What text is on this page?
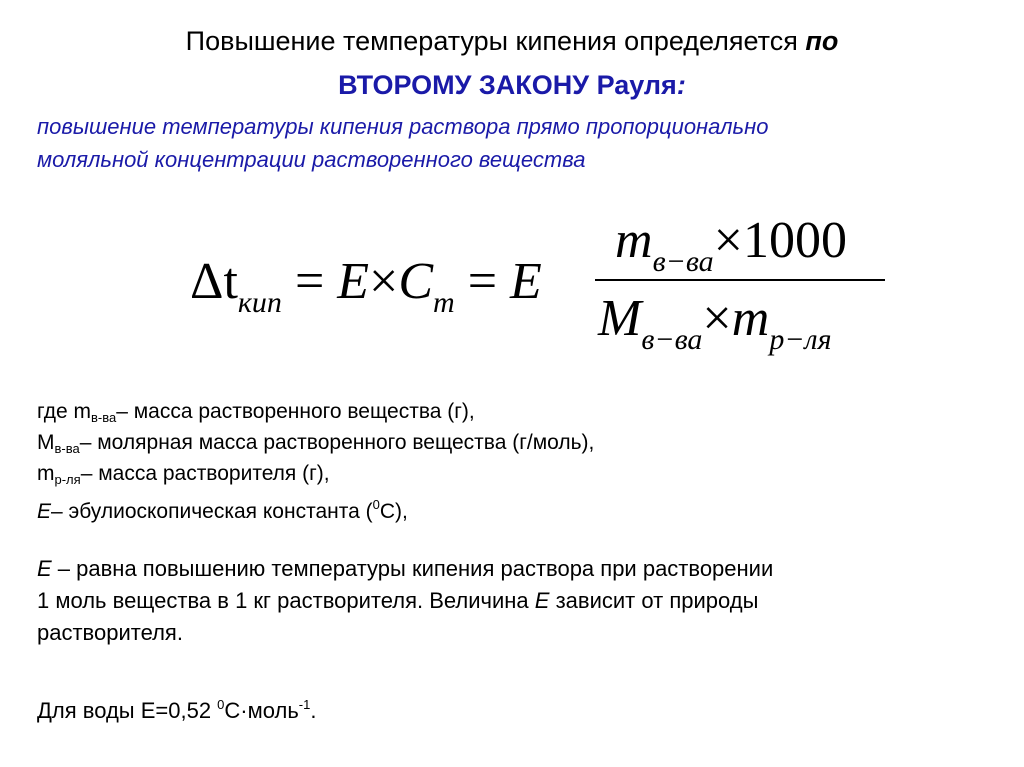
Повышение температуры кипения определяется по
ВТОРОМУ ЗАКОНУ Рауля:
повышение температуры кипения раствора прямо пропорционально
моляльной концентрации растворенного вещества
$\Delta t_{кип} = E\times C_m = E$
$m_{в-ва}\times 1000$
$M_{в-ва}\times m_{р-ля}$
где mв-ва– масса растворенного вещества (г),
Mв-ва– молярная масса растворенного вещества (г/моль),
mр-ля– масса растворителя (г),
E– эбулиоскопическая константа ($^0$С),
E – равна повышению температуры кипения раствора при растворении
1 моль вещества в 1 кг растворителя. Величина E зависит от природы
растворителя.
Для воды Е=0,52 $^0$С·моль$^{-1}$.
